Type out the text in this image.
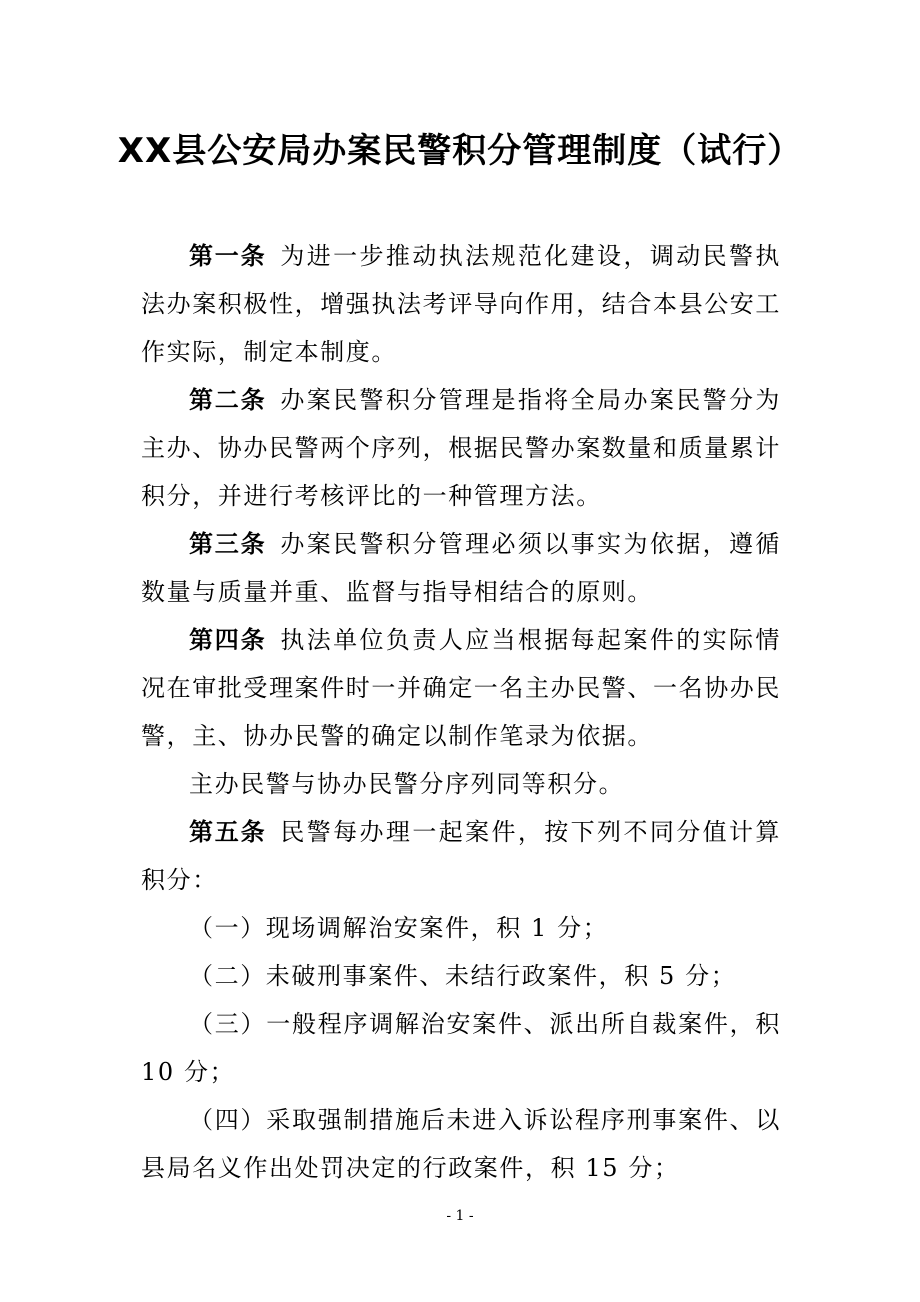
XX县公安局办案民警积分管理制度（试行）

第一条 为进一步推动执法规范化建设，调动民警执法办案积极性，增强执法考评导向作用，结合本县公安工作实际，制定本制度。

第二条 办案民警积分管理是指将全局办案民警分为主办、协办民警两个序列，根据民警办案数量和质量累计积分，并进行考核评比的一种管理方法。

第三条 办案民警积分管理必须以事实为依据，遵循数量与质量并重、监督与指导相结合的原则。

第四条 执法单位负责人应当根据每起案件的实际情况在审批受理案件时一并确定一名主办民警、一名协办民警，主、协办民警的确定以制作笔录为依据。

主办民警与协办民警分序列同等积分。

第五条 民警每办理一起案件，按下列不同分值计算积分：

（一）现场调解治安案件，积 1 分；

（二）未破刑事案件、未结行政案件，积 5 分；

（三）一般程序调解治安案件、派出所自裁案件，积 10 分；

（四）采取强制措施后未进入诉讼程序刑事案件、以县局名义作出处罚决定的行政案件，积 15 分；

- 1 -
